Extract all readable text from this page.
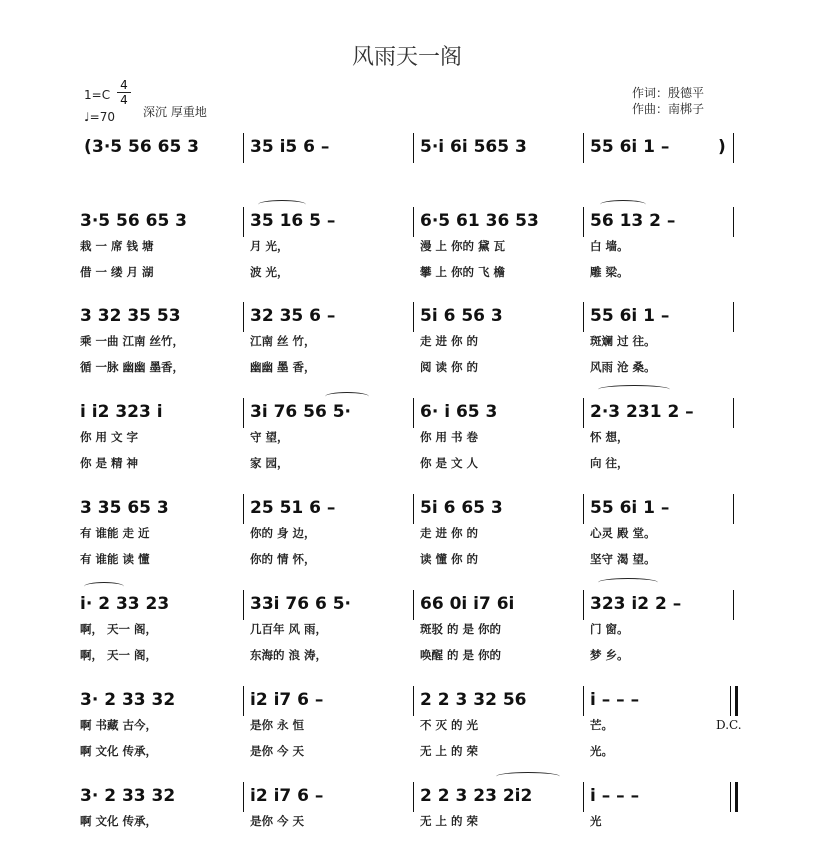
风雨天一阁
$1=C \frac{4}{4}$
♩=70 深沉 厚重地
作词：殷德平
作曲：南梆子
( 3·5 56 65 3	35 i5 6 –	5·i 6i 565 3	55 6i 1 –	)
3·5 56 65 3	35 16 5 –	6·5 61 36 53	56 13 2 –
栽 一 席 钱 塘	月 光，	漫 上 你的 黛 瓦	白 墙。
借 一 缕 月 湖	波 光，	攀 上 你的 飞 檐	雕 梁。
3 32 35 53	32 35 6 –	5i 6 56 3	55 6i 1 –
乘 一曲 江南 丝竹，	江南 丝 竹，	走 进 你 的	斑斓 过 往。
循 一脉 幽幽 墨香，	幽幽 墨 香，	阅 读 你 的	风雨 沧 桑。
i i2 323 i	3i 76 56 5·	6· i 65 3	2·3 231 2 –
你 用 文 字	守 望，	你 用 书 卷	怀 想，
你 是 精 神	家 园，	你 是 文 人	向 往，
3 35 65 3	25 51 6 –	5i 6 65 3	55 6i 1 –
有 谁能 走 近	你的 身 边，	走 进 你 的	心灵 殿 堂。
有 谁能 读 懂	你的 情 怀，	读 懂 你 的	坚守 渴 望。
i· 2 33 23	33i 76 6 5·	66 0i i7 6i	323 i2 2 –
啊， 天一 阁，	几百年 风 雨，	斑驳 的 是 你的	门 窗。
啊， 天一 阁，	东海的 浪 涛，	唤醒 的 是 你的	梦 乡。
3· 2 33 32	i2 i7 6 –	2 2 3 32 56	i – – –
啊 书藏 古今，	是你 永 恒	不 灭 的 光	芒。
啊 文化 传承，	是你 今 天	无 上 的 荣	光。
D.C.
3· 2 33 32	i2 i7 6 –	2 2 3 23 2i2	i – – –
啊 文化 传承，	是你 今 天	无 上 的 荣	光
